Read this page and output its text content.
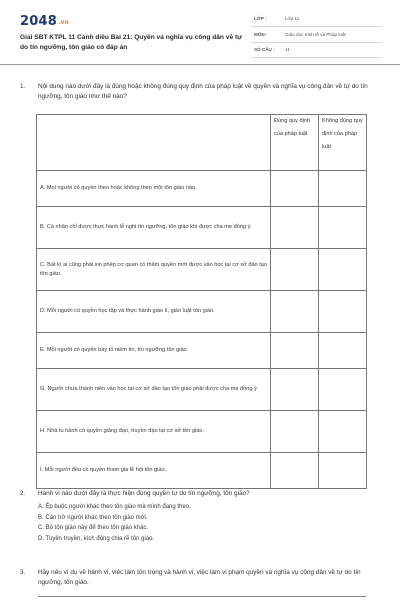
2048.vn
Giải SBT KTPL 11 Cánh diều Bài 21: Quyền và nghĩa vụ công dân về tự do tín ngưỡng, tôn giáo có đáp án
LỚP :	Lớp 11
MÔN :	Giáo dục Kinh tế và Pháp luật
SỐ CÂU : 11
1. Nội dung nào dưới đây là đúng hoặc không đúng quy định của pháp luật về quyền và nghĩa vụ công dân về tự do tín ngưỡng, tôn giáo như thế nào?
	Đúng quy định của pháp luật	Không đúng quy định của pháp luật
A. Mọi người có quyền theo hoặc không theo một tôn giáo nào.		
B. Cá nhân chỉ được thực hành lễ nghi tín ngưỡng, tôn giáo khi được cha mẹ đồng ý.		
C. Bất kì ai cũng phải xin phép cơ quan có thẩm quyền mới được vào học tại cơ sở đào tạo tôn giáo.		
D. Mỗi người có quyền học tập và thực hành giáo lí, giáo luật tôn giáo.		
E. Mỗi người có quyền bày tỏ niềm tin, tín ngưỡng tôn giáo.		
G. Người chưa thành niên vào học tại cơ sở đào tạo tôn giáo phải được cha mẹ đồng ý.		
H. Nhà tu hành có quyền giảng đạo, truyền đạo tại cơ sở tôn giáo.		
I. Mỗi người đều có quyền tham gia lễ hội tôn giáo.		
2. Hành vi nào dưới đây là thực hiện đúng quyền tự do tín ngưỡng, tôn giáo?
A. Ép buộc người khác theo tôn giáo mà mình đang theo.
B. Cản trở người khác theo tôn giáo mới.
C. Bỏ tôn giáo này để theo tôn giáo khác.
D. Tuyên truyền, kích động chia rẽ tôn giáo.
3. Hãy nêu ví dụ về hành vi, việc làm tôn trọng và hành vi, việc làm vi phạm quyền và nghĩa vụ công dân về tự do tín ngưỡng, tôn giáo.
